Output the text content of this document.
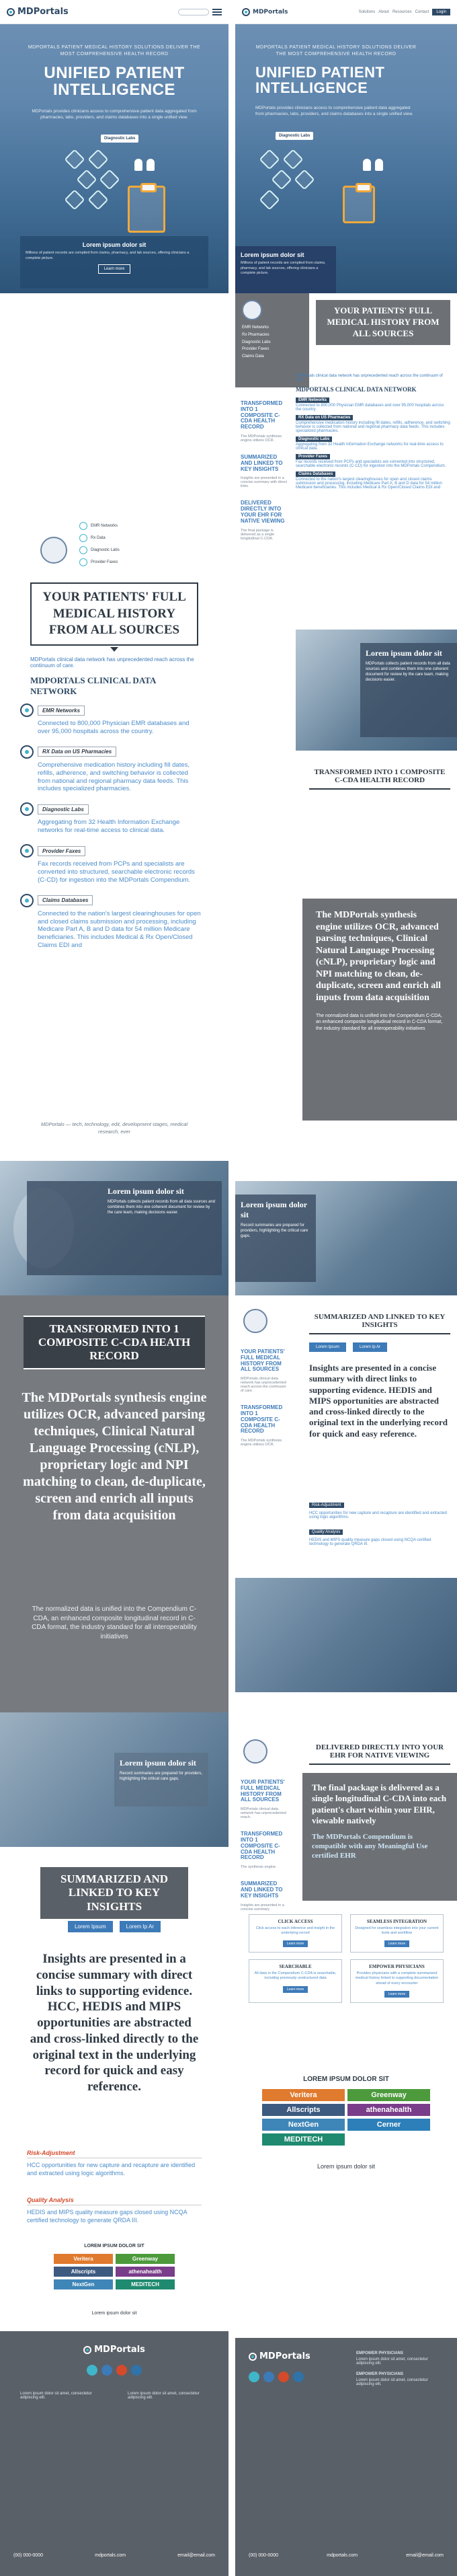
MDPortals
MDPORTALS PATIENT MEDICAL HISTORY SOLUTIONS DELIVER THE MOST COMPREHENSIVE HEALTH RECORD
UNIFIED PATIENT
INTELLIGENCE

MDPortals provides clinicians access to comprehensive patient data aggregated from pharmacies, labs, providers, and claims databases into a single unified view.

Diagnostic Labs
Lorem ipsum dolor sit

Millions of patient records are compiled from claims, pharmacy, and lab sources, offering clinicians a complete picture.

Learn more
EMR Networks
Rx Data
Diagnostic Labs
Provider Faxes
YOUR PATIENTS' FULL MEDICAL HISTORY FROM ALL SOURCES

MDPortals clinical data network has unprecedented reach across the continuum of care.

MDPORTALS CLINICAL DATA NETWORK
EMR Networks
Connected to 800,000 Physician EMR databases and over 95,000 hospitals across the country.
RX Data on US Pharmacies
Comprehensive medication history including fill dates, refills, adherence, and switching behavior is collected from national and regional pharmacy data feeds. This includes specialized pharmacies.
Diagnostic Labs
Aggregating from 32 Health Information Exchange networks for real-time access to clinical data.
Provider Faxes
Fax records received from PCPs and specialists are converted into structured, searchable electronic records (C-CD) for ingestion into the MDPortals Compendium.
Claims Databases
Connected to the nation's largest clearinghouses for open and closed claims submission and processing, including Medicare Part A, B and D data for 54 million Medicare beneficiaries. This includes Medical & Rx Open/Closed Claims EDI and

MDPortals — tech, technology, edit, development stages, medical research, ever

Lorem ipsum dolor sit

MDPortals collects patient records from all data sources and combines them into one coherent document for review by the care team, making decisions easier.

TRANSFORMED INTO 1 COMPOSITE C-CDA HEATH RECORD
The MDPortals synthesis engine utilizes OCR, advanced parsing techniques, Clinical Natural Language Processing (cNLP), proprietary logic and NPI matching to clean, de-duplicate, screen and enrich all inputs from data acquisition

The normalized data is unified into the Compendium C-CDA, an enhanced composite longitudinal record in C-CDA format, the industry standard for all interoperability initiatives

Lorem ipsum dolor sit

Record summaries are prepared for providers, highlighting the critical care gaps.

SUMMARIZED AND LINKED TO KEY INSIGHTS
Lorem Ipsum	Lorem Ip Ar
Insights are presented in a concise summary with direct links to supporting evidence. HCC, HEDIS and MIPS opportunities are abstracted and cross-linked directly to the original text in the underlying record for quick and easy reference.
Risk-Adjustment

HCC opportunities for new capture and recapture are identified and extracted using logic algorithms.

Quality Analysis

HEDIS and MIPS quality measure gaps closed using NCQA certified technology to generate QRDA III.

LOREM IPSUM DOLOR SIT
Veritera	Greenway
Allscripts	athenahealth
NextGen	MEDITECH
Lorem ipsum dolor sit
MDPortals
Lorem ipsum dolor sit amet, consectetur adipiscing elit.
Lorem ipsum dolor sit amet, consectetur adipiscing elit.
(00) 000-0000	mdportals.com	email@email.com
MDPortals	Solutions About Resources Contact	Login
MDPORTALS PATIENT MEDICAL HISTORY SOLUTIONS DELIVER THE MOST COMPREHENSIVE HEALTH RECORD
UNIFIED PATIENT
INTELLIGENCE

MDPortals provides clinicians access to comprehensive patient data aggregated from pharmacies, labs, providers, and claims databases into a single unified view.

Diagnostic Labs
Lorem ipsum dolor sit

Millions of patient records are compiled from claims, pharmacy, and lab sources, offering clinicians a complete picture.

EMR Networks
Rx Pharmacies
Diagnostic Labs
Provider Faxes
Claims Data
YOUR PATIENTS' FULL MEDICAL HISTORY FROM ALL SOURCES
TRANSFORMED INTO 1 COMPOSITE C-CDA HEALTH RECORD

The MDPortals synthesis engine utilizes OCR.

SUMMARIZED AND LINKED TO KEY INSIGHTS

Insights are presented in a concise summary with direct links.

DELIVERED DIRECTLY INTO YOUR EHR FOR NATIVE VIEWING

The final package is delivered as a single longitudinal C-CDA.

MDPortals clinical data network has unprecedented reach across the continuum of care.

MDPORTALS CLINICAL DATA NETWORK
EMR Networks

Connected to 800,000 Physician EMR databases and over 95,000 hospitals across the country.

RX Data on US Pharmacies

Comprehensive medication history including fill dates, refills, adherence, and switching behavior is collected from national and regional pharmacy data feeds. This includes specialized pharmacies.

Diagnostic Labs

Aggregating from 32 Health Information Exchange networks for real-time access to clinical data.

Provider Faxes

Fax records received from PCPs and specialists are converted into structured, searchable electronic records (C-CD) for ingestion into the MDPortals Compendium.

Claims Databases

Connected to the nation's largest clearinghouses for open and closed claims submission and processing, including Medicare Part A, B and D data for 54 million Medicare beneficiaries. This includes Medical & Rx Open/Closed Claims EDI and

Lorem ipsum dolor sit

MDPortals collects patient records from all data sources and combines them into one coherent document for review by the care team, making decisions easier.

TRANSFORMED INTO 1 COMPOSITE C-CDA HEALTH RECORD
The MDPortals synthesis engine utilizes OCR, advanced parsing techniques, Clinical Natural Language Processing (cNLP), proprietary logic and NPI matching to clean, de-duplicate, screen and enrich all inputs from data acquisition

The normalized data is unified into the Compendium C-CDA, an enhanced composite longitudinal record in C-CDA format, the industry standard for all interoperability initiatives

Lorem ipsum dolor sit

Record summaries are prepared for providers, highlighting the critical care gaps.

SUMMARIZED AND LINKED TO KEY INSIGHTS
YOUR PATIENTS' FULL MEDICAL HISTORY FROM ALL SOURCES

MDPortals clinical data network has unprecedented reach across the continuum of care.

TRANSFORMED INTO 1 COMPOSITE C-CDA HEALTH RECORD

The MDPortals synthesis engine utilizes OCR.

Lorem Ipsum	Lorem Ip Ar
Insights are presented in a concise summary with direct links to supporting evidence. HEDIS and MIPS opportunities are abstracted and cross-linked directly to the original text in the underlying record for quick and easy reference.
Risk-Adjustment

HCC opportunities for new capture and recapture are identified and extracted using logic algorithms.

Quality Analysis

HEDIS and MIPS quality measure gaps closed using NCQA certified technology to generate QRDA III.

DELIVERED DIRECTLY INTO YOUR EHR FOR NATIVE VIEWING
YOUR PATIENTS' FULL MEDICAL HISTORY FROM ALL SOURCES

MDPortals clinical data network has unprecedented reach.

TRANSFORMED INTO 1 COMPOSITE C-CDA HEALTH RECORD

The synthesis engine.

SUMMARIZED AND LINKED TO KEY INSIGHTS

Insights are presented in a concise summary.

The final package is delivered as a single longitudinal C-CDA into each patient's chart within your EHR, viewable natively
The MDPortals Compendium is compatible with any Meaningful Use certified EHR
CLICK ACCESS

Click access to each inference and insight in the underlying record

Learn more
SEAMLESS INTEGRATION

Designed for seamless integration into your current tools and workflow

Learn more
SEARCHABLE

All data in the Compendium C-CDA is searchable, including previously unstructured data

Learn more
EMPOWER PHYSICIANS

Provides physicians with a complete summarized medical history linked to supporting documentation ahead of every encounter

Learn more
LOREM IPSUM DOLOR SIT
Veritera	Greenway
Allscripts	athenahealth
NextGen	Cerner
MEDITECH
Lorem ipsum dolor sit
MDPortals	EMPOWER PHYSICIANS

Lorem ipsum dolor sit amet, consectetur adipiscing elit.

EMPOWER PHYSICIANS

Lorem ipsum dolor sit amet, consectetur adipiscing elit.

(00) 000-0000	mdportals.com	email@email.com
